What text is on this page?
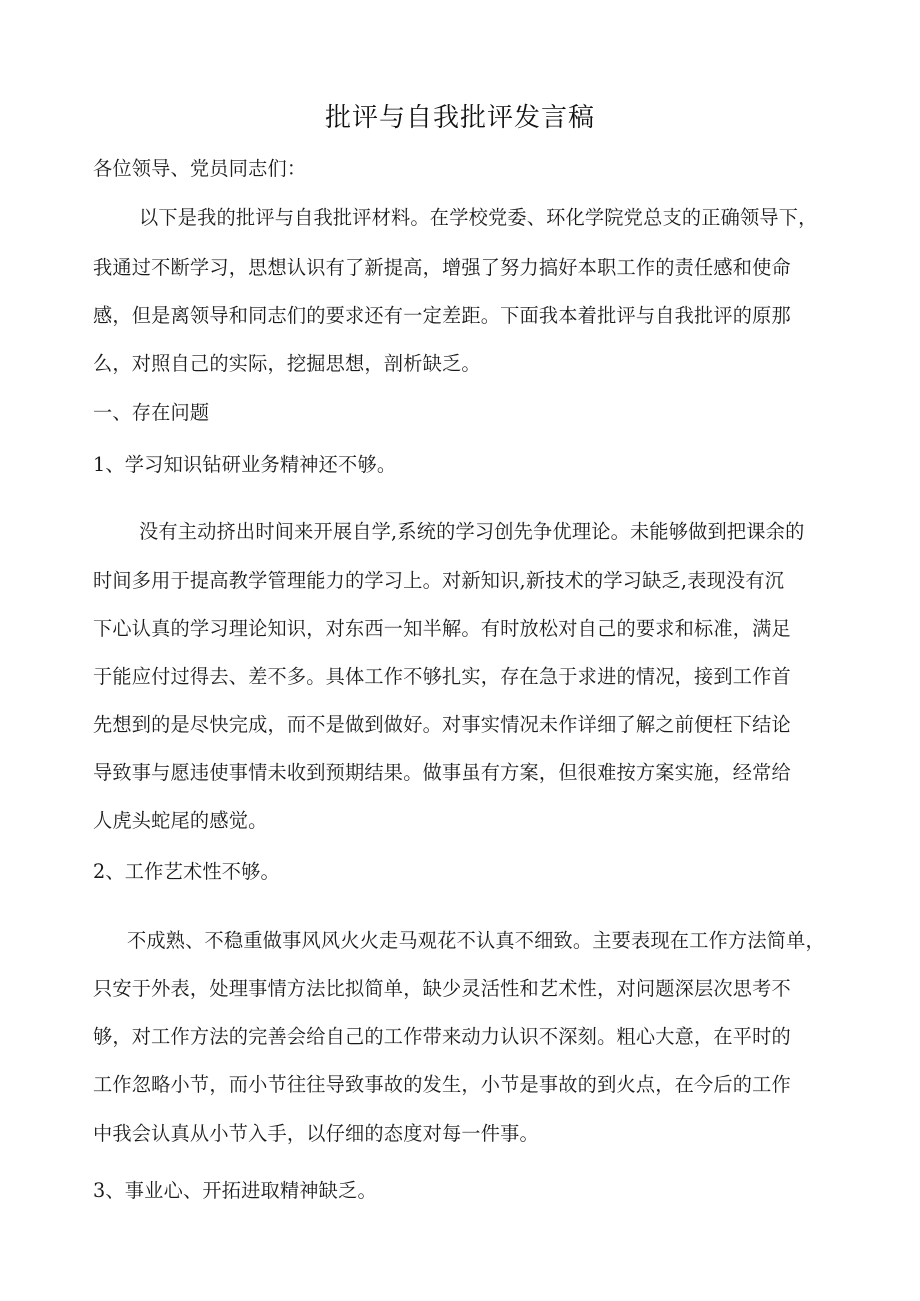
批评与自我批评发言稿
各位领导、党员同志们：
以下是我的批评与自我批评材料。在学校党委、环化学院党总支的正确领导下，
我通过不断学习，思想认识有了新提高，增强了努力搞好本职工作的责任感和使命
感，但是离领导和同志们的要求还有一定差距。下面我本着批评与自我批评的原那
么，对照自己的实际，挖掘思想，剖析缺乏。
一、存在问题
1、学习知识钻研业务精神还不够。
没有主动挤出时间来开展自学,系统的学习创先争优理论。未能够做到把课余的
时间多用于提高教学管理能力的学习上。对新知识,新技术的学习缺乏,表现没有沉
下心认真的学习理论知识，对东西一知半解。有时放松对自己的要求和标准，满足
于能应付过得去、差不多。具体工作不够扎实，存在急于求进的情况，接到工作首
先想到的是尽快完成，而不是做到做好。对事实情况未作详细了解之前便枉下结论
导致事与愿违使事情未收到预期结果。做事虽有方案，但很难按方案实施，经常给
人虎头蛇尾的感觉。
2、工作艺术性不够。
不成熟、不稳重做事风风火火走马观花不认真不细致。主要表现在工作方法简单，
只安于外表，处理事情方法比拟简单，缺少灵活性和艺术性，对问题深层次思考不
够，对工作方法的完善会给自己的工作带来动力认识不深刻。粗心大意，在平时的
工作忽略小节，而小节往往导致事故的发生，小节是事故的到火点，在今后的工作
中我会认真从小节入手，以仔细的态度对每一件事。
3、事业心、开拓进取精神缺乏。
